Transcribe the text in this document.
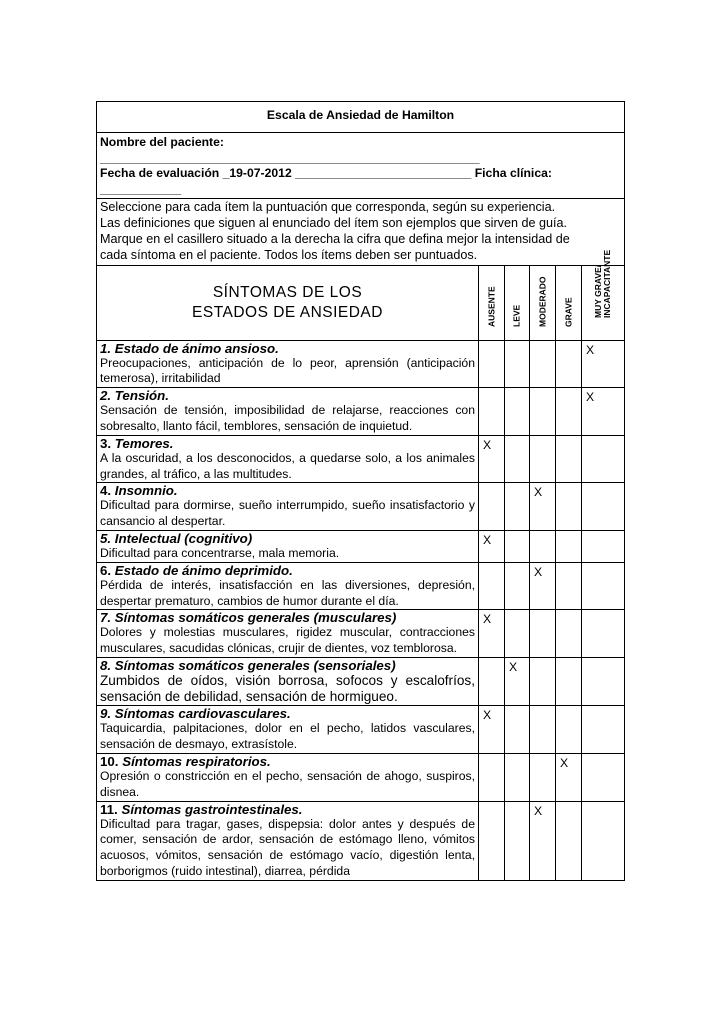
Escala de Ansiedad de Hamilton					

Nombre del paciente:
________________________________________________________
Fecha de evaluación _19-07-2012 __________________________ Ficha clínica:
____________					

Seleccione para cada ítem la puntuación que corresponda, según su experiencia.
Las definiciones que siguen al enunciado del ítem son ejemplos que sirven de guía.
Marque en el casillero situado a la derecha la cifra que defina mejor la intensidad de
cada síntoma en el paciente. Todos los ítems deben ser puntuados.					

SÍNTOMAS DE LOS ESTADOS DE ANSIEDAD	AUSENTE	LEVE	MODERADO	GRAVE	MUY GRAVE/ INCAPACITANTE

1. Estado de ánimo ansioso.
Preocupaciones, anticipación de lo peor, aprensión (anticipación temerosa), irritabilidad					X

2. Tensión.
Sensación de tensión, imposibilidad de relajarse, reacciones con sobresalto, llanto fácil, temblores, sensación de inquietud.					X

3. Temores.
A la oscuridad, a los desconocidos, a quedarse solo, a los animales grandes, al tráfico, a las multitudes.	X				

4. Insomnio.
Dificultad para dormirse, sueño interrumpido, sueño insatisfactorio y cansancio al despertar.			X		

5. Intelectual (cognitivo)
Dificultad para concentrarse, mala memoria.	X				

6. Estado de ánimo deprimido.
Pérdida de interés, insatisfacción en las diversiones, depresión, despertar prematuro, cambios de humor durante el día.			X		

7. Síntomas somáticos generales (musculares)
Dolores y molestias musculares, rigidez muscular, contracciones musculares, sacudidas clónicas, crujir de dientes, voz temblorosa.	X				

8. Síntomas somáticos generales (sensoriales)
Zumbidos de oídos, visión borrosa, sofocos y escalofríos, sensación de debilidad, sensación de hormigueo.		X			

9. Síntomas cardiovasculares.
Taquicardia, palpitaciones, dolor en el pecho, latidos vasculares, sensación de desmayo, extrasístole.	X				

10. Síntomas respiratorios.
Opresión o constricción en el pecho, sensación de ahogo, suspiros, disnea.				X	

11. Síntomas gastrointestinales.
Dificultad para tragar, gases, dispepsia: dolor antes y después de comer, sensación de ardor, sensación de estómago lleno, vómitos acuosos, vómitos, sensación de estómago vacío, digestión lenta, borborigmos (ruido intestinal), diarrea, pérdida			X		
